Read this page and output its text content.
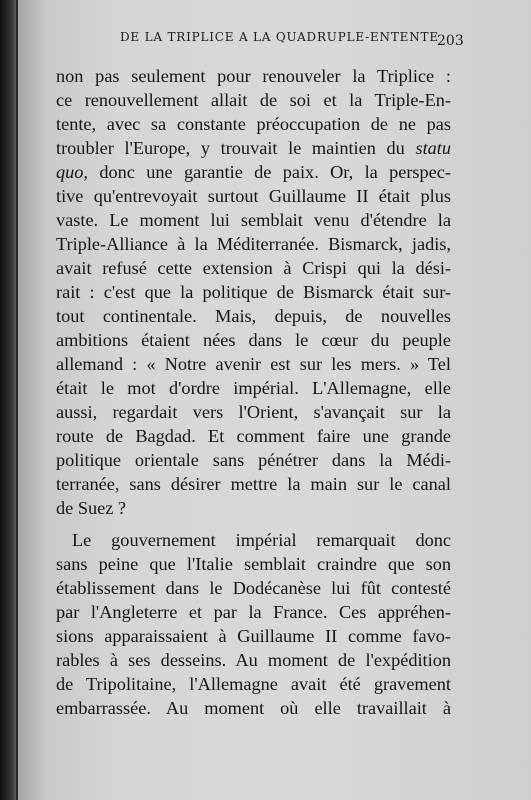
DE LA TRIPLICE A LA QUADRUPLE-ENTENTE
203
non pas seulement pour renouveler la Triplice :
ce renouvellement allait de soi et la Triple-En-
tente, avec sa constante préoccupation de ne pas
troubler l'Europe, y trouvait le maintien du statu
quo, donc une garantie de paix. Or, la perspec-
tive qu'entrevoyait surtout Guillaume II était plus
vaste. Le moment lui semblait venu d'étendre la
Triple-Alliance à la Méditerranée. Bismarck, jadis,
avait refusé cette extension à Crispi qui la dési-
rait : c'est que la politique de Bismarck était sur-
tout continentale. Mais, depuis, de nouvelles
ambitions étaient nées dans le cœur du peuple
allemand : « Notre avenir est sur les mers. » Tel
était le mot d'ordre impérial. L'Allemagne, elle
aussi, regardait vers l'Orient, s'avançait sur la
route de Bagdad. Et comment faire une grande
politique orientale sans pénétrer dans la Médi-
terranée, sans désirer mettre la main sur le canal
de Suez ?
Le gouvernement impérial remarquait donc
sans peine que l'Italie semblait craindre que son
établissement dans le Dodécanèse lui fût contesté
par l'Angleterre et par la France. Ces appréhen-
sions apparaissaient à Guillaume II comme favo-
rables à ses desseins. Au moment de l'expédition
de Tripolitaine, l'Allemagne avait été gravement
embarrassée. Au moment où elle travaillait à
